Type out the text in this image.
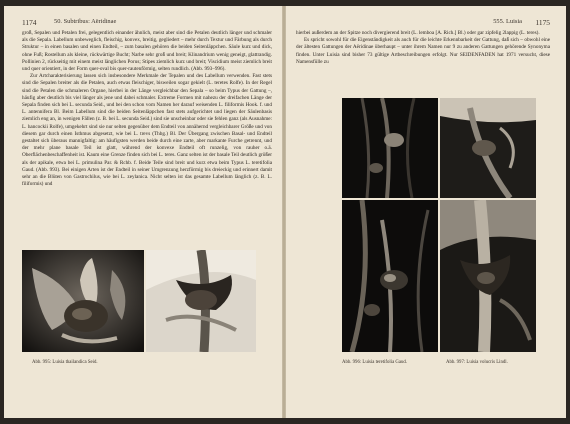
1174	50. Subtribus: Aëridinae

groß, Sepalen und Petalen frei, gelegentlich einander ähnlich, meist aber sind die Petalen deutlich länger und schmaler als die Sepala. Labellum unbeweglich, fleischig, konvex, breitig, gegliedert – mehr durch Textur und Färbung als durch Struktur – in einen basalen und einen Endteil, – zum basalen gehören die beiden Seitenläppchen. Säule kurz und dick, ohne Fuß; Rostellum als kleine, rückwärtige Bucht; Narbe sehr groß und breit; Klinandrium wenig geneigt, glattrandig. Pollinien 2, rückseitig mit einem meist länglichen Porus; Stipes ziemlich kurz und breit; Viscidium meist ziemlich breit und quer orientiert, in der Form quer-oval bis quer-rautenförmig, selten rundlich. (Abb. 993–996).

Zur Artcharakterisierung lassen sich insbesondere Merkmale der Tepalen und des Labellum verwenden. Fast stets sind die Sepalen breiter als die Petalen, auch etwas fleischiger, bisweilen sogar gekielt (L. teretes Rolfe). In der Regel sind die Petalen die schmaleren Organe, hierbei in der Länge vergleichbar den Sepala – so beim Typus der Gattung –, häufig aber deutlich bis viel länger als jene und dabei schmaler. Extreme Formen mit nahezu der dreifachen Länge der Sepala finden sich bei L. secunda Seid., und bei den schon vom Namen her darauf weisenden L. filiformis Hook. f. und L. antennifera Bl. Beim Labellum sind die beiden Seitenläppchen fast stets aufgerichtet und liegen der Säulenbasis ziemlich eng an, in wenigen Fällen (z. B. bei L. secunda Seid.) sind sie unscheinbar oder sie fehlen ganz (als Ausnahme: L. hancockii Rolfe), umgekehrt sind sie nur selten gegenüber dem Endteil von annähernd vergleichbarer Größe und von diesem gar durch einen Isthmus abgesetzt, wie bei L. trevs (Thbg.) Bl. Der Übergang zwischen Basal- und Endteil gestaltet sich überaus mannigfaltig: am häufigsten werden beide durch eine zarte, aber markante Furche getrennt, und der mehr plane basale Teil ist glatt, während der konvexe Endteil oft runzelig, von rauher o.ä. Oberflächenbeschaffenheit ist. Kaum eine Grenze finden sich bei L. teres. Ganz selten ist der basale Teil deutlich größer als der apikale, etwa bei L. primulina Par. & Rchb. f. Beide Teile sind breit und kurz etwa beim Typus L. teretifolia Gaud. (Abb. 993). Bei einigen Arten ist der Endteil in seiner Umgrenzung herzförmig bis dreieckig und erinnert damit sehr an die Blüten von Gastrochilus, wie bei L. zeylanica. Nicht selten ist das gesamte Labellum länglich (z. B. L. filiformis) und

Abb. 995: Luisia thailandica Seid.
555. Luisia 1175

hierbei außerdem an der Spitze noch divergierend breit (L. lemboa [A. Rich.] Bl.) oder gar zipfelig 2lappig (L. teres).

Es spricht sowohl für die Eigenständigkeit als auch für die leichte Erkennbarkeit der Gattung, daß sich – obwohl eine der ältesten Gattungen der Aëridinae überhaupt – unter ihrem Namen nur 9 zu anderen Gattungen gehörende Synonyma finden. Unter Luisia sind bisher 73 gültige Artbeschreibungen erfolgt. Nur SEIDENFADEN hat 1971 versucht, diese Namensfülle zu

Abb. 996: Luisia teretifolia Gaud.	Abb. 997: Luisia volucris Lindl.
